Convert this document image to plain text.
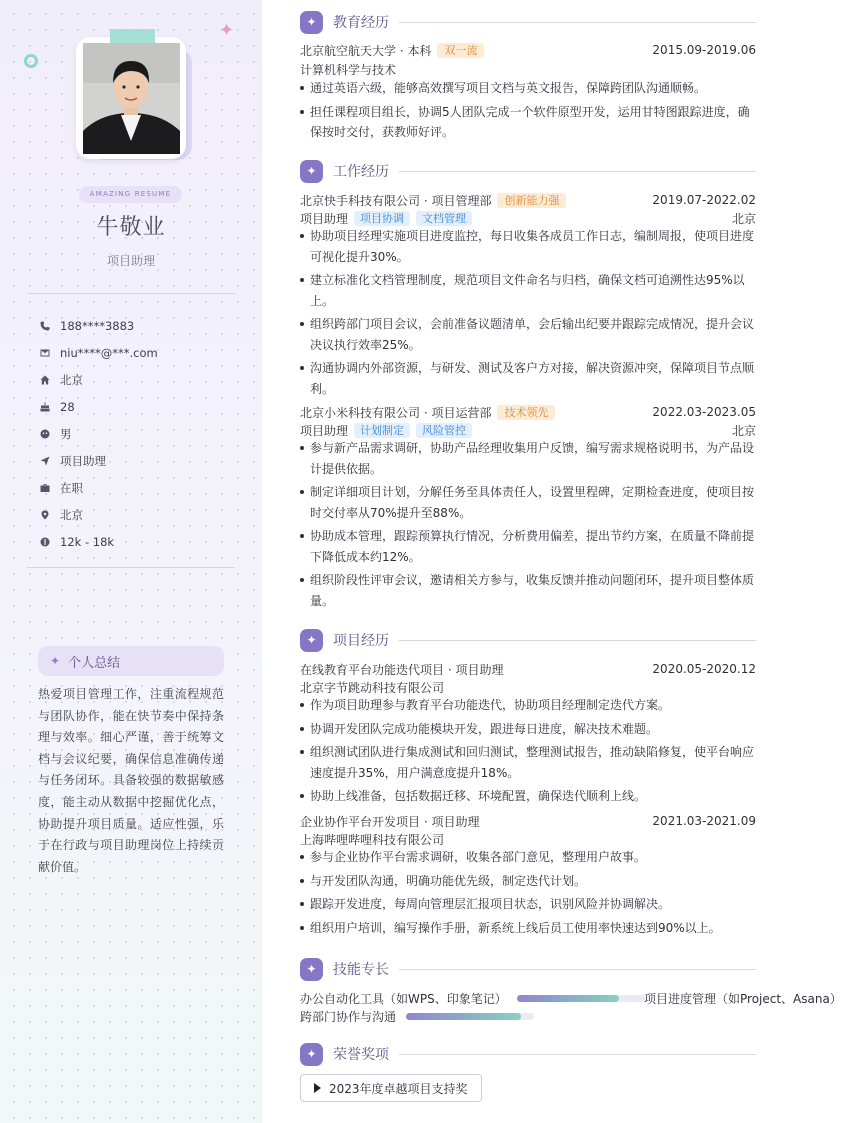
✦
AMAZING RESUME
牛敬业
项目助理
188****3883
niu****@***.com
北京
28
男
项目助理
在职
北京
12k - 18k
✦ 个人总结
热爱项目管理工作，注重流程规范与团队协作，能在快节奏中保持条理与效率。细心严谨，善于统筹文档与会议纪要，确保信息准确传递与任务闭环。具备较强的数据敏感度，能主动从数据中挖掘优化点，协助提升项目质量。适应性强，乐于在行政与项目助理岗位上持续贡献价值。
✦	教育经历
北京航空航天大学 · 本科	双一流	2015.09-2019.06
计算机科学与技术
通过英语六级，能够高效撰写项目文档与英文报告，保障跨团队沟通顺畅。
担任课程项目组长，协调5人团队完成一个软件原型开发，运用甘特图跟踪进度，确保按时交付，获教师好评。
✦	工作经历
北京快手科技有限公司 · 项目管理部	创新能力强	2019.07-2022.02
项目助理	项目协调	文档管理	北京
协助项目经理实施项目进度监控，每日收集各成员工作日志，编制周报，使项目进度可视化提升30%。
建立标准化文档管理制度，规范项目文件命名与归档，确保文档可追溯性达95%以上。
组织跨部门项目会议，会前准备议题清单，会后输出纪要并跟踪完成情况，提升会议决议执行效率25%。
沟通协调内外部资源，与研发、测试及客户方对接，解决资源冲突，保障项目节点顺利。
北京小米科技有限公司 · 项目运营部	技术领先	2022.03-2023.05
项目助理	计划制定	风险管控	北京
参与新产品需求调研，协助产品经理收集用户反馈，编写需求规格说明书，为产品设计提供依据。
制定详细项目计划，分解任务至具体责任人，设置里程碑，定期检查进度，使项目按时交付率从70%提升至88%。
协助成本管理，跟踪预算执行情况，分析费用偏差，提出节约方案，在质量不降前提下降低成本约12%。
组织阶段性评审会议，邀请相关方参与，收集反馈并推动问题闭环，提升项目整体质量。
✦	项目经历
在线教育平台功能迭代项目 · 项目助理	2020.05-2020.12
北京字节跳动科技有限公司
作为项目助理参与教育平台功能迭代，协助项目经理制定迭代方案。
协调开发团队完成功能模块开发，跟进每日进度，解决技术难题。
组织测试团队进行集成测试和回归测试，整理测试报告，推动缺陷修复，使平台响应速度提升35%，用户满意度提升18%。
协助上线准备，包括数据迁移、环境配置，确保迭代顺利上线。
企业协作平台开发项目 · 项目助理	2021.03-2021.09
上海哔哩哔哩科技有限公司
参与企业协作平台需求调研，收集各部门意见，整理用户故事。
与开发团队沟通，明确功能优先级，制定迭代计划。
跟踪开发进度，每周向管理层汇报项目状态，识别风险并协调解决。
组织用户培训，编写操作手册，新系统上线后员工使用率快速达到90%以上。
✦	技能专长
办公自动化工具（如WPS、印象笔记）	项目进度管理（如Project、Asana）
跨部门协作与沟通
✦	荣誉奖项
2023年度卓越项目支持奖
